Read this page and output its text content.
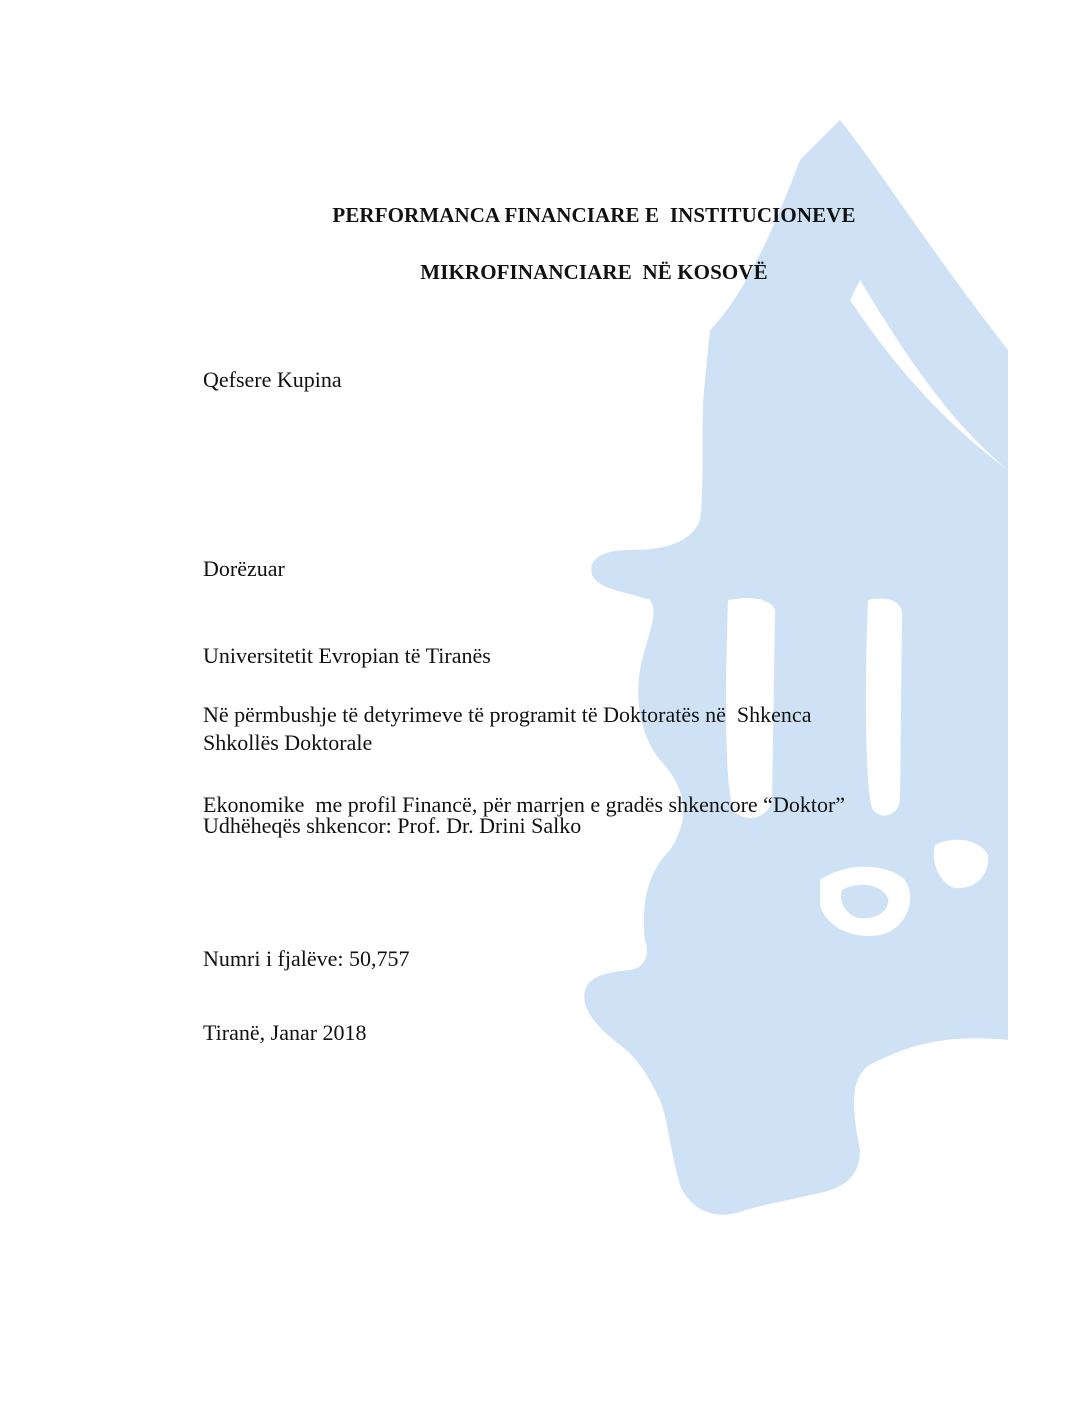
PERFORMANCA FINANCIARE E  INSTITUCIONEVE
MIKROFINANCIARE  NË KOSOVË
Qefsere Kupina

Dorëzuar

Universitetit Evropian të Tiranës

Shkollës Doktorale

Në përmbushje të detyrimeve të programit të Doktoratës në  Shkenca

Ekonomike  me profil Financë, për marrjen e gradës shkencore “Doktor”

Udhëheqës shkencor: Prof. Dr. Drini Salko
Numri i fjalëve: 50,757
Tiranë, Janar 2018
